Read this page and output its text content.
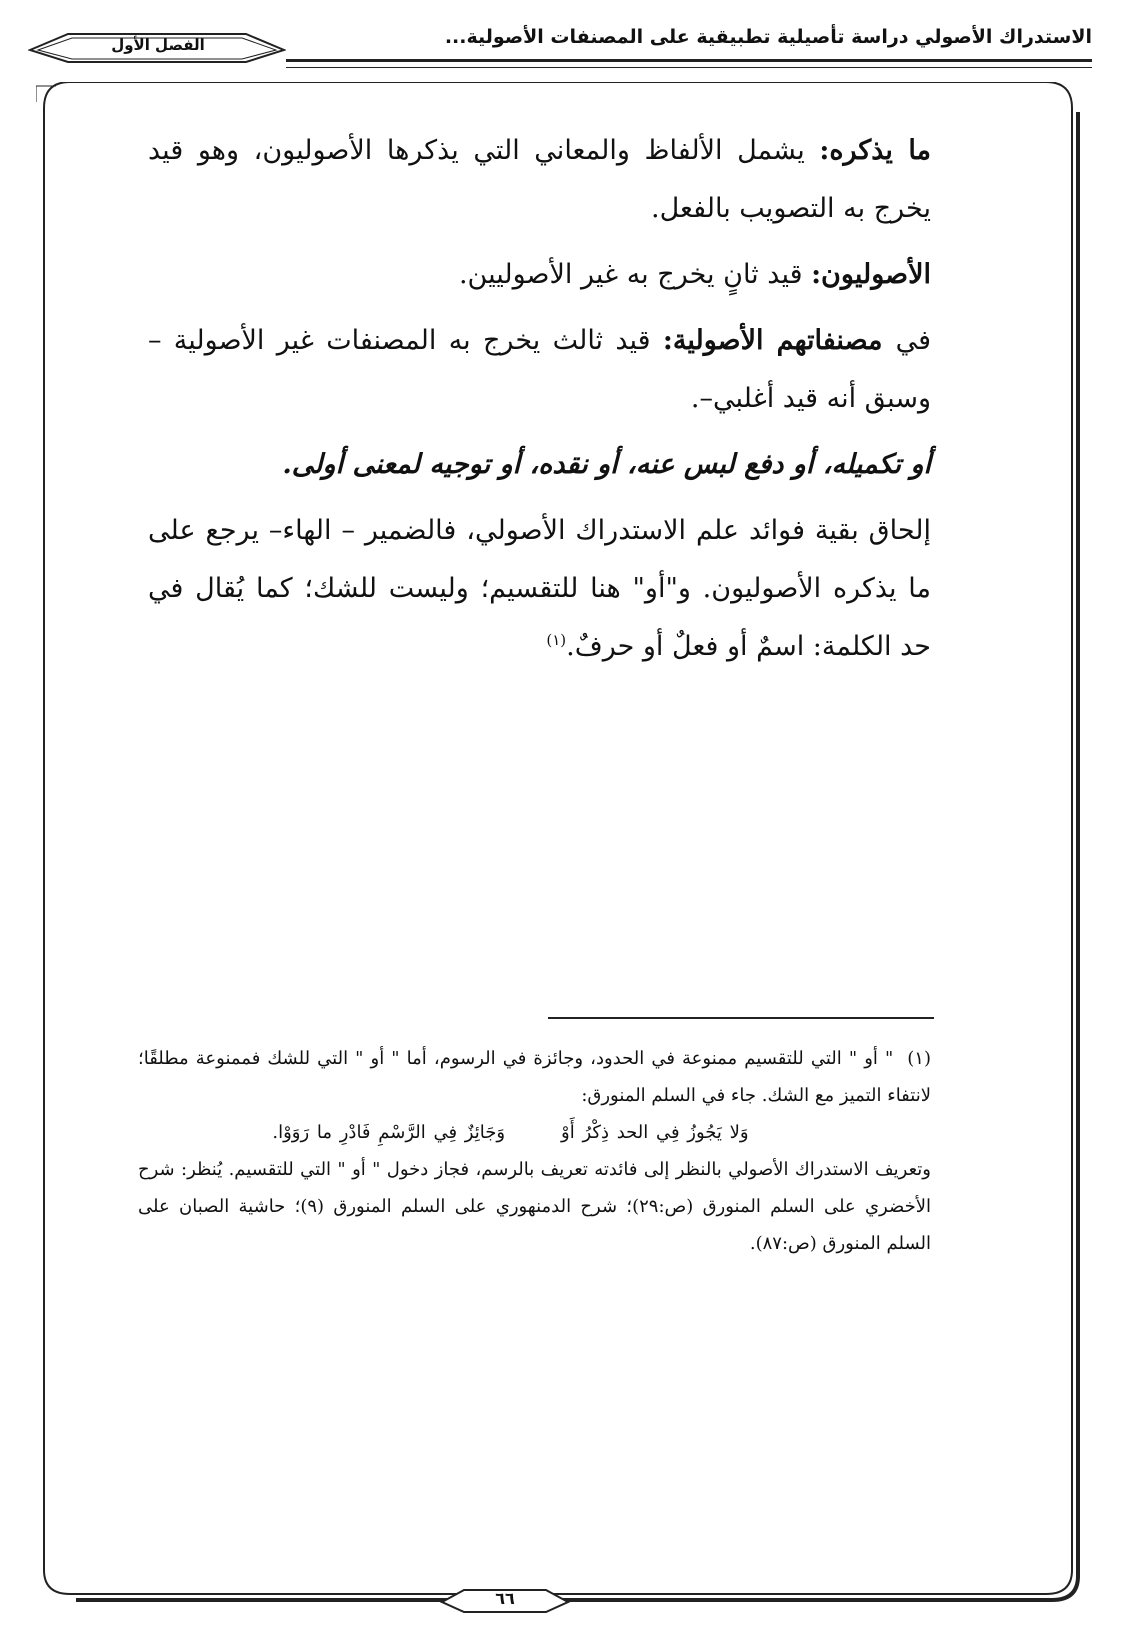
الاستدراك الأصولي دراسة تأصيلية تطبيقية على المصنفات الأصولية...
الفصل الأول

ما يذكره: يشمل الألفاظ والمعاني التي يذكرها الأصوليون، وهو قيد يخرج به التصويب بالفعل.

الأصوليون: قيد ثانٍ يخرج به غير الأصوليين.

في مصنفاتهم الأصولية: قيد ثالث يخرج به المصنفات غير الأصولية – وسبق أنه قيد أغلبي–.

أو تكميله، أو دفع لبس عنه، أو نقده، أو توجيه لمعنى أولى.

إلحاق بقية فوائد علم الاستدراك الأصولي، فالضمير – الهاء– يرجع على ما يذكره الأصوليون. و"أو" هنا للتقسيم؛ وليست للشك؛ كما يُقال في حد الكلمة: اسمٌ أو فعلٌ أو حرفٌ.$^{(١)}$

(١)" أو " التي للتقسيم ممنوعة في الحدود، وجائزة في الرسوم، أما " أو " التي للشك فممنوعة مطلقًا؛ لانتفاء التميز مع الشك. جاء في السلم المنورق:

وَلا يَجُوزُ فِي الحد ذِكْرُ أَوْوَجَائِزٌ فِي الرَّسْمِ فَادْرِ ما رَوَوْا.

وتعريف الاستدراك الأصولي بالنظر إلى فائدته تعريف بالرسم، فجاز دخول " أو " التي للتقسيم. يُنظر: شرح الأخضري على السلم المنورق (ص:٢٩)؛ شرح الدمنهوري على السلم المنورق (٩)؛ حاشية الصبان على السلم المنورق (ص:٨٧).

٦٦
